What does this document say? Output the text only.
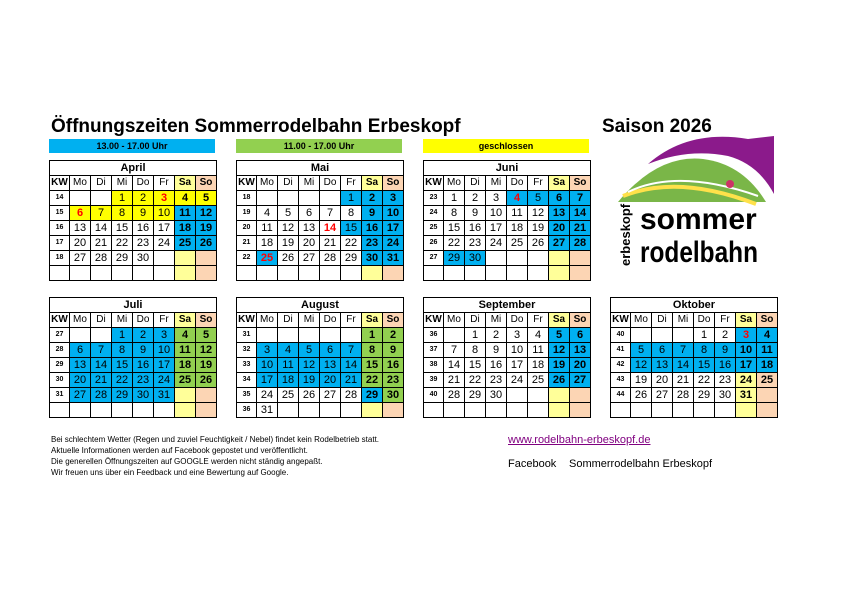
Öffnungszeiten Sommerrodelbahn Erbeskopf	Saison 2026
13.00 - 17.00 Uhr	11.00 - 17.00 Uhr	geschlossen
April							
KW	Mo	Di	Mi	Do	Fr	Sa	So
14			1	2	3	4	5
15	6	7	8	9	10	11	12
16	13	14	15	16	17	18	19
17	20	21	22	23	24	25	26
18	27	28	29	30			

Mai							
KW	Mo	Di	Mi	Do	Fr	Sa	So
18					1	2	3
19	4	5	6	7	8	9	10
20	11	12	13	14	15	16	17
21	18	19	20	21	22	23	24
22	25	26	27	28	29	30	31

Juni							
KW	Mo	Di	Mi	Do	Fr	Sa	So
23	1	2	3	4	5	6	7
24	8	9	10	11	12	13	14
25	15	16	17	18	19	20	21
26	22	23	24	25	26	27	28
27	29	30					

Juli							
KW	Mo	Di	Mi	Do	Fr	Sa	So
27			1	2	3	4	5
28	6	7	8	9	10	11	12
29	13	14	15	16	17	18	19
30	20	21	22	23	24	25	26
31	27	28	29	30	31		

August							
KW	Mo	Di	Mi	Do	Fr	Sa	So
31						1	2
32	3	4	5	6	7	8	9
33	10	11	12	13	14	15	16
34	17	18	19	20	21	22	23
35	24	25	26	27	28	29	30
36	31						
September							
KW	Mo	Di	Mi	Do	Fr	Sa	So
36		1	2	3	4	5	6
37	7	8	9	10	11	12	13
38	14	15	16	17	18	19	20
39	21	22	23	24	25	26	27
40	28	29	30				

Oktober							
KW	Mo	Di	Mi	Do	Fr	Sa	So
40				1	2	3	4
41	5	6	7	8	9	10	11
42	12	13	14	15	16	17	18
43	19	20	21	22	23	24	25
44	26	27	28	29	30	31	

erbeskopf sommer
rodelbahn
Bei schlechtem Wetter (Regen und zuviel Feuchtigkeit / Nebel) findet kein Rodelbetrieb statt.
Aktuelle Informationen werden auf Facebook gepostet und veröffentlicht.
Die generellen Öffnungszeiten auf GOOGLE werden nicht ständig angepaßt.
Wir freuen uns über ein Feedback und eine Bewertung auf Google.
www.rodelbahn-erbeskopf.de
Facebook Sommerrodelbahn Erbeskopf
